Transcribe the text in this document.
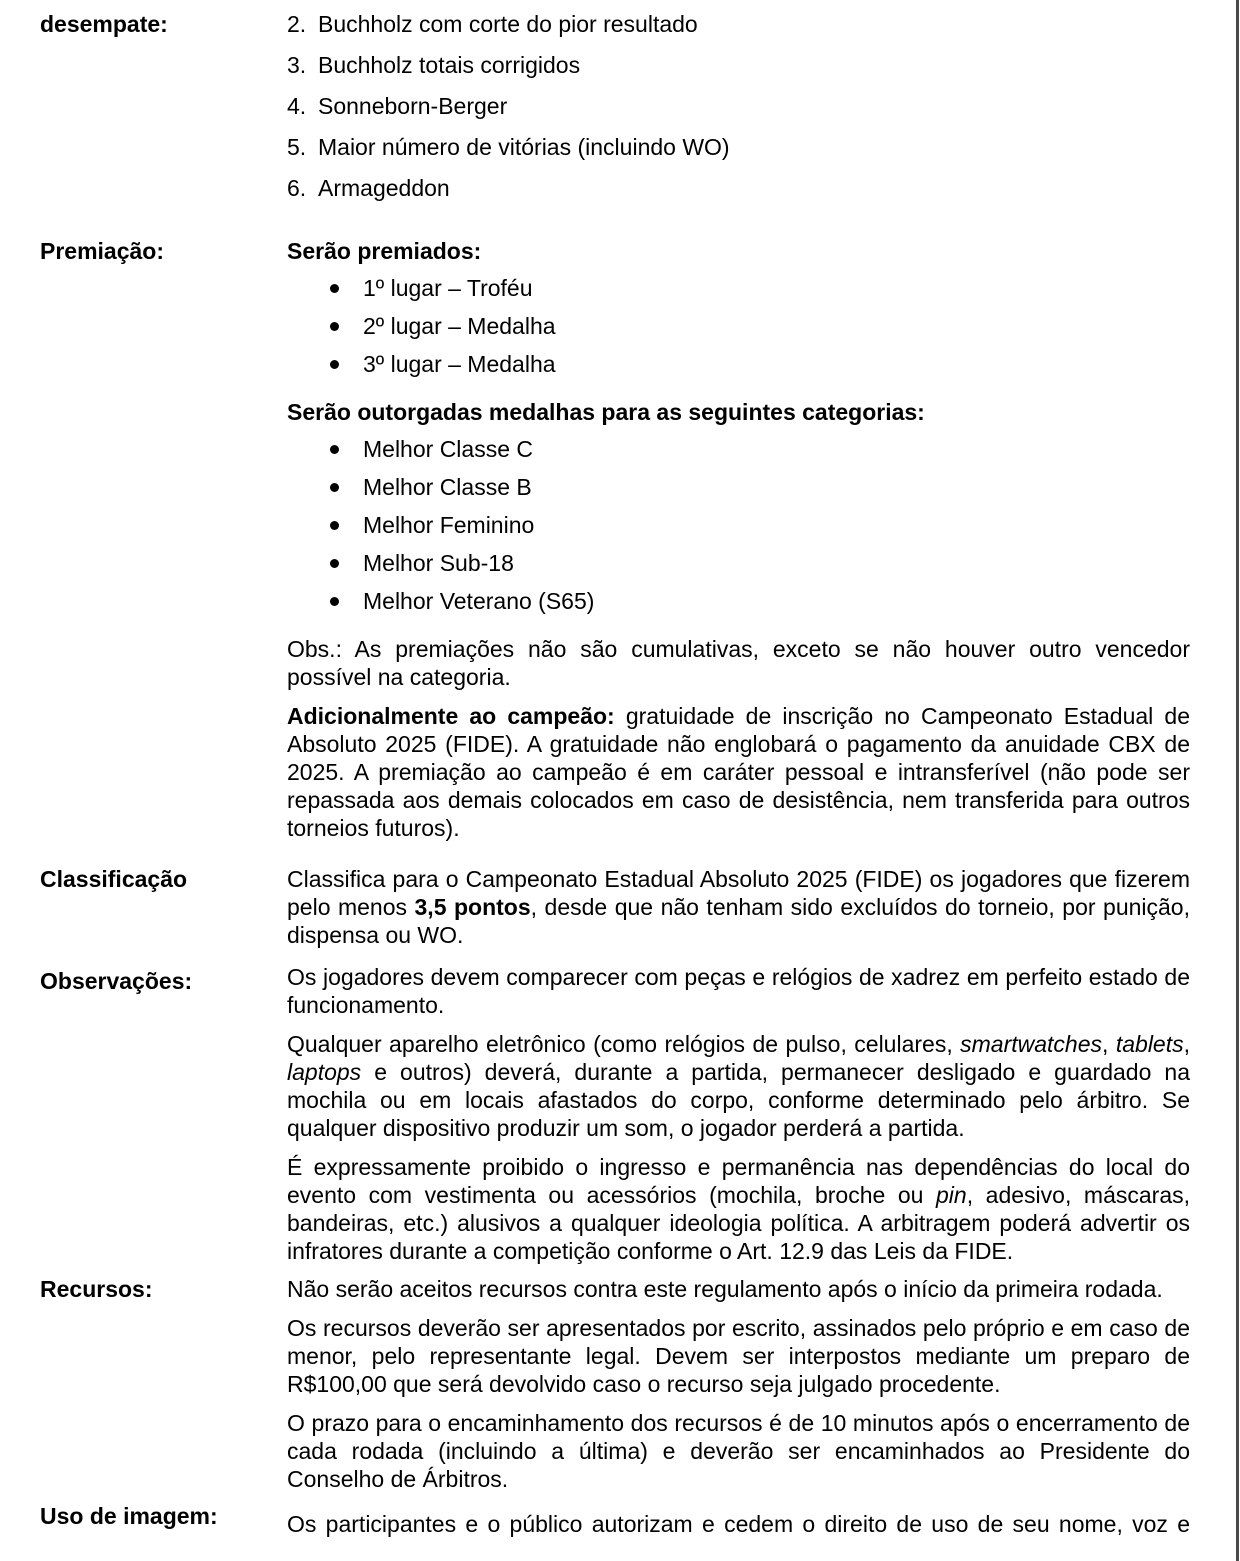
desempate:	2. Buchholz com corte do pior resultado
3. Buchholz totais corrigidos
4. Sonneborn-Berger
5. Maior número de vitórias (incluindo WO)
6. Armageddon
Premiação:	Serão premiados:
1º lugar – Troféu
2º lugar – Medalha
3º lugar – Medalha
Serão outorgadas medalhas para as seguintes categorias:
Melhor Classe C
Melhor Classe B
Melhor Feminino
Melhor Sub-18
Melhor Veterano (S65)
Obs.: As premiações não são cumulativas, exceto se não houver outro vencedor possível na categoria.
Adicionalmente ao campeão: gratuidade de inscrição no Campeonato Estadual de Absoluto 2025 (FIDE). A gratuidade não englobará o pagamento da anuidade CBX de 2025. A premiação ao campeão é em caráter pessoal e intransferível (não pode ser repassada aos demais colocados em caso de desistência, nem transferida para outros torneios futuros).
Classificação	Classifica para o Campeonato Estadual Absoluto 2025 (FIDE) os jogadores que fizerem pelo menos 3,5 pontos, desde que não tenham sido excluídos do torneio, por punição, dispensa ou WO.
Observações:	Os jogadores devem comparecer com peças e relógios de xadrez em perfeito estado de funcionamento.
Qualquer aparelho eletrônico (como relógios de pulso, celulares, smartwatches, tablets, laptops e outros) deverá, durante a partida, permanecer desligado e guardado na mochila ou em locais afastados do corpo, conforme determinado pelo árbitro. Se qualquer dispositivo produzir um som, o jogador perderá a partida.
É expressamente proibido o ingresso e permanência nas dependências do local do evento com vestimenta ou acessórios (mochila, broche ou pin, adesivo, máscaras, bandeiras, etc.) alusivos a qualquer ideologia política. A arbitragem poderá advertir os infratores durante a competição conforme o Art. 12.9 das Leis da FIDE.
Recursos:	Não serão aceitos recursos contra este regulamento após o início da primeira rodada.
Os recursos deverão ser apresentados por escrito, assinados pelo próprio e em caso de menor, pelo representante legal. Devem ser interpostos mediante um preparo de R$100,00 que será devolvido caso o recurso seja julgado procedente.
O prazo para o encaminhamento dos recursos é de 10 minutos após o encerramento de cada rodada (incluindo a última) e deverão ser encaminhados ao Presidente do Conselho de Árbitros.
Uso de imagem:	Os participantes e o público autorizam e cedem o direito de uso de seu nome, voz e
